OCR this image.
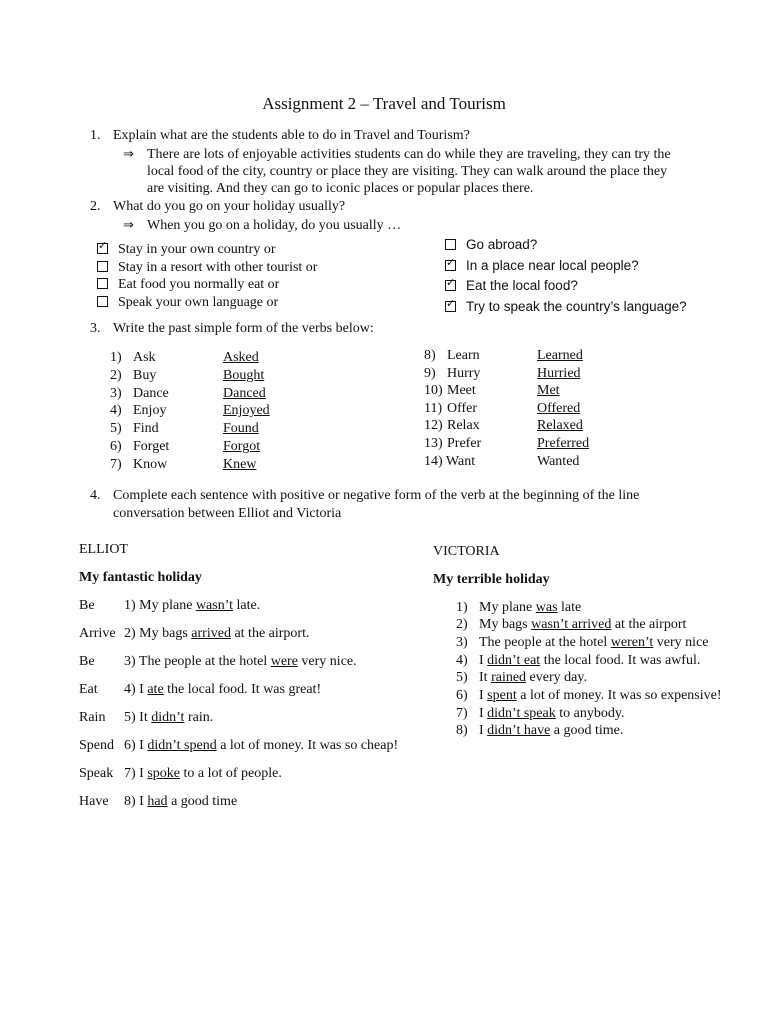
Assignment 2 – Travel and Tourism
1. Explain what are the students able to do in Travel and Tourism?
⇒ There are lots of enjoyable activities students can do while they are traveling, they can try the
local food of the city, country or place they are visiting. They can walk around the place they
are visiting. And they can go to iconic places or popular places there.
2. What do you go on your holiday usually?
⇒ When you go on a holiday, do you usually …
✓Stay in your own country or
Stay in a resort with other tourist or
Eat food you normally eat or
Speak your own language or
Go abroad?
✓In a place near local people?
✓Eat the local food?
✓Try to speak the country’s language?
3. Write the past simple form of the verbs below:
1) Ask	Asked
2) Buy	Bought
3) Dance	Danced
4) Enjoy	Enjoyed
5) Find	Found
6) Forget	Forgot
7) Know	Knew
8) Learn	Learned
9) Hurry	Hurried
10) Meet	Met
11) Offer	Offered
12) Relax	Relaxed
13) Prefer	Preferred
14) Want	Wanted
4. Complete each sentence with positive or negative form of the verb at the beginning of the line
conversation between Elliot and Victoria
ELLIOT
My fantastic holiday
Be 1) My plane wasn’t late.
Arrive 2) My bags arrived at the airport.
Be 3) The people at the hotel were very nice.
Eat 4) I ate the local food. It was great!
Rain 5) It didn’t rain.
Spend 6) I didn’t spend a lot of money. It was so cheap!
Speak 7) I spoke to a lot of people.
Have 8) I had a good time
VICTORIA
My terrible holiday
1) My plane was late
2) My bags wasn’t arrived at the airport
3) The people at the hotel weren’t very nice
4) I didn’t eat the local food. It was awful.
5) It rained every day.
6) I spent a lot of money. It was so expensive!
7) I didn’t speak to anybody.
8) I didn’t have a good time.
